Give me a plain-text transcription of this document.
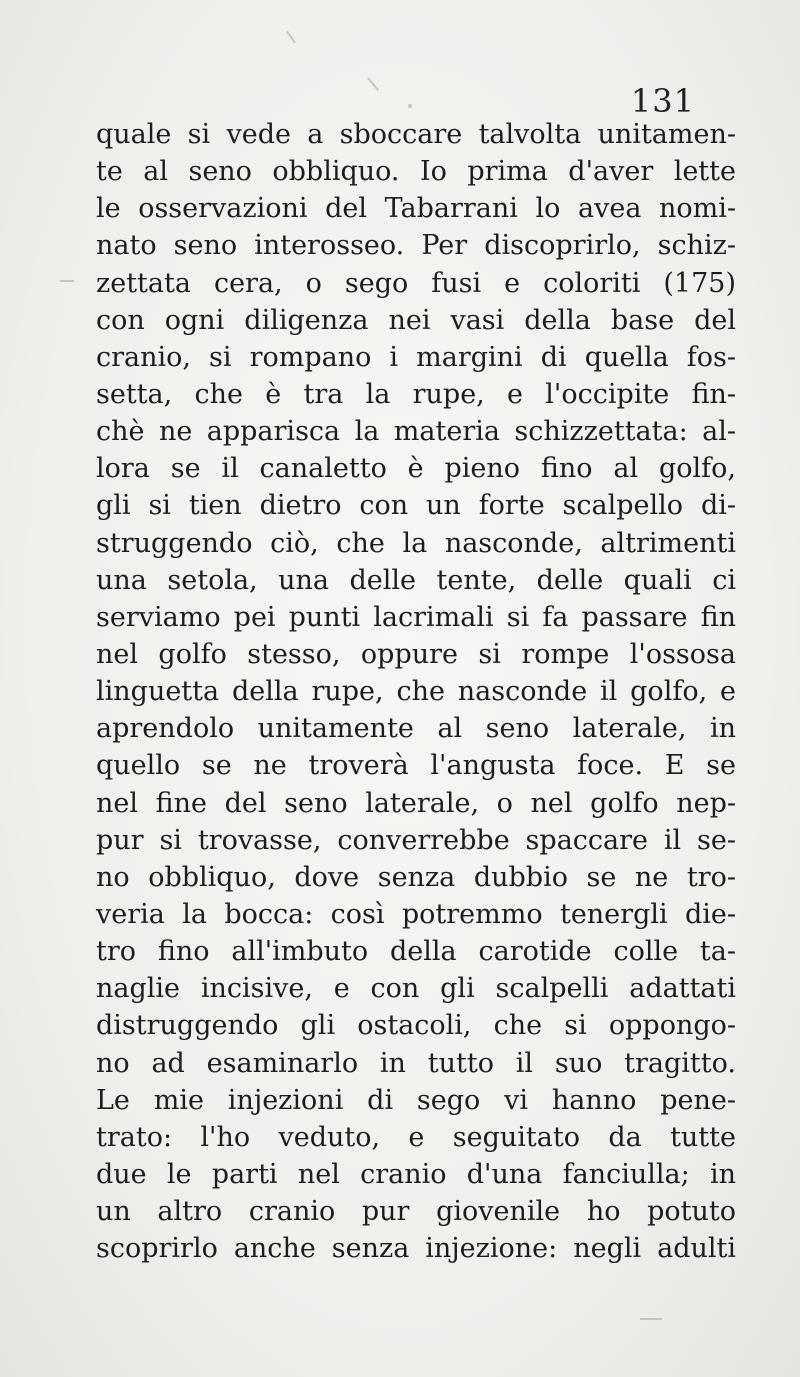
131
quale si vede a sboccare talvolta unitamen-
te al seno obbliquo. Io prima d'aver lette
le osservazioni del Tabarrani lo avea nomi-
nato seno interosseo. Per discoprirlo, schiz-
zettata cera, o sego fusi e coloriti (175)
con ogni diligenza nei vasi della base del
cranio, si rompano i margini di quella fos-
setta, che è tra la rupe, e l'occipite fin-
chè ne apparisca la materia schizzettata: al-
lora se il canaletto è pieno fino al golfo,
gli si tien dietro con un forte scalpello di-
struggendo ciò, che la nasconde, altrimenti
una setola, una delle tente, delle quali ci
serviamo pei punti lacrimali si fa passare fin
nel golfo stesso, oppure si rompe l'ossosa
linguetta della rupe, che nasconde il golfo, e
aprendolo unitamente al seno laterale, in
quello se ne troverà l'angusta foce. E se
nel fine del seno laterale, o nel golfo nep-
pur si trovasse, converrebbe spaccare il se-
no obbliquo, dove senza dubbio se ne tro-
veria la bocca: così potremmo tenergli die-
tro fino all'imbuto della carotide colle ta-
naglie incisive, e con gli scalpelli adattati
distruggendo gli ostacoli, che si oppongo-
no ad esaminarlo in tutto il suo tragitto.
Le mie injezioni di sego vi hanno pene-
trato: l'ho veduto, e seguitato da tutte
due le parti nel cranio d'una fanciulla; in
un altro cranio pur giovenile ho potuto
scoprirlo anche senza injezione: negli adulti
